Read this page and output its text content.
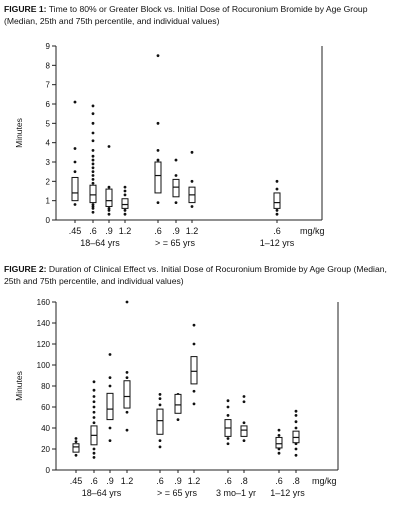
FIGURE 1: Time to 80% or Greater Block vs. Initial Dose of Rocuronium Bromide by Age Group (Median, 25th and 75th percentile, and individual values)
0
1
2
3
4
5
6
7
8
9
Minutes
.45 .6 .9 1.2
18–64 yrs
.6 .9 1.2
> = 65 yrs
.6
1–12 yrs
mg/kg
FIGURE 2: Duration of Clinical Effect vs. Initial Dose of Rocuronium Bromide by Age Group (Median, 25th and 75th percentile, and individual values)
0
20
40
60
80
100
120
140
160
Minutes
.45 .6 .9 1.2
18–64 yrs
.6 .9 1.2
> = 65 yrs
.6 .8
3 mo–1 yr
.6 .8
1–12 yrs
mg/kg
